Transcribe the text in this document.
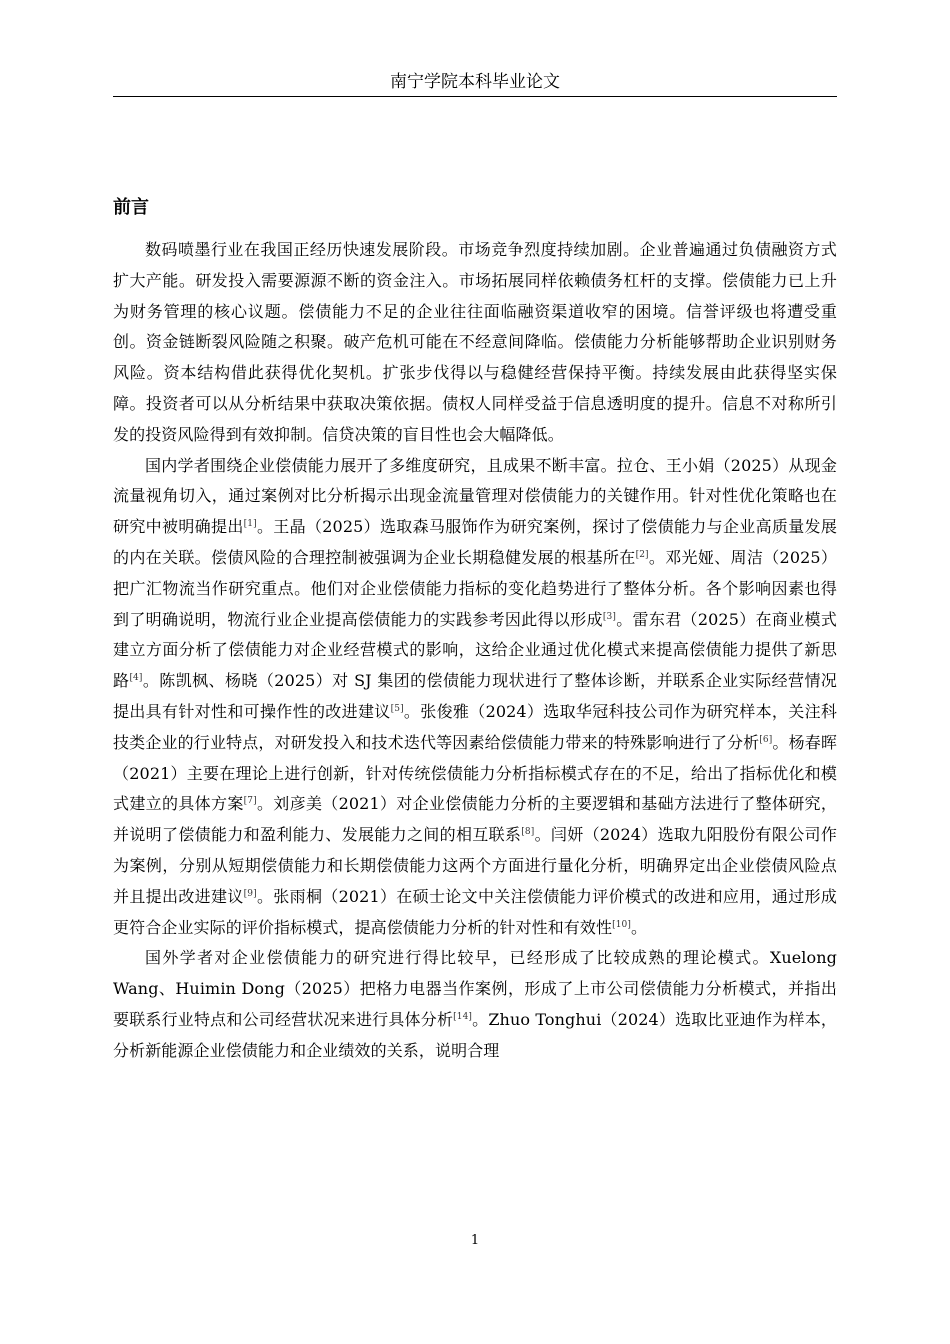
南宁学院本科毕业论文
前言

数码喷墨行业在我国正经历快速发展阶段。市场竞争烈度持续加剧。企业普遍通过负债融资方式扩大产能。研发投入需要源源不断的资金注入。市场拓展同样依赖债务杠杆的支撑。偿债能力已上升为财务管理的核心议题。偿债能力不足的企业往往面临融资渠道收窄的困境。信誉评级也将遭受重创。资金链断裂风险随之积聚。破产危机可能在不经意间降临。偿债能力分析能够帮助企业识别财务风险。资本结构借此获得优化契机。扩张步伐得以与稳健经营保持平衡。持续发展由此获得坚实保障。投资者可以从分析结果中获取决策依据。债权人同样受益于信息透明度的提升。信息不对称所引发的投资风险得到有效抑制。信贷决策的盲目性也会大幅降低。

国内学者围绕企业偿债能力展开了多维度研究，且成果不断丰富。拉仓、王小娟（2025）从现金流量视角切入，通过案例对比分析揭示出现金流量管理对偿债能力的关键作用。针对性优化策略也在研究中被明确提出[1]。王晶（2025）选取森马服饰作为研究案例，探讨了偿债能力与企业高质量发展的内在关联。偿债风险的合理控制被强调为企业长期稳健发展的根基所在[2]。邓光娅、周洁（2025）把广汇物流当作研究重点。他们对企业偿债能力指标的变化趋势进行了整体分析。各个影响因素也得到了明确说明，物流行业企业提高偿债能力的实践参考因此得以形成[3]。雷东君（2025）在商业模式建立方面分析了偿债能力对企业经营模式的影响，这给企业通过优化模式来提高偿债能力提供了新思路[4]。陈凯枫、杨晓（2025）对 SJ 集团的偿债能力现状进行了整体诊断，并联系企业实际经营情况提出具有针对性和可操作性的改进建议[5]。张俊雅（2024）选取华冠科技公司作为研究样本，关注科技类企业的行业特点，对研发投入和技术迭代等因素给偿债能力带来的特殊影响进行了分析[6]。杨春晖（2021）主要在理论上进行创新，针对传统偿债能力分析指标模式存在的不足，给出了指标优化和模式建立的具体方案[7]。刘彦美（2021）对企业偿债能力分析的主要逻辑和基础方法进行了整体研究，并说明了偿债能力和盈利能力、发展能力之间的相互联系[8]。闫妍（2024）选取九阳股份有限公司作为案例，分别从短期偿债能力和长期偿债能力这两个方面进行量化分析，明确界定出企业偿债风险点并且提出改进建议[9]。张雨桐（2021）在硕士论文中关注偿债能力评价模式的改进和应用，通过形成更符合企业实际的评价指标模式，提高偿债能力分析的针对性和有效性[10]。

国外学者对企业偿债能力的研究进行得比较早，已经形成了比较成熟的理论模式。Xuelong Wang、Huimin Dong（2025）把格力电器当作案例，形成了上市公司偿债能力分析模式，并指出要联系行业特点和公司经营状况来进行具体分析[14]。Zhuo Tonghui（2024）选取比亚迪作为样本，分析新能源企业偿债能力和企业绩效的关系，说明合理

1
